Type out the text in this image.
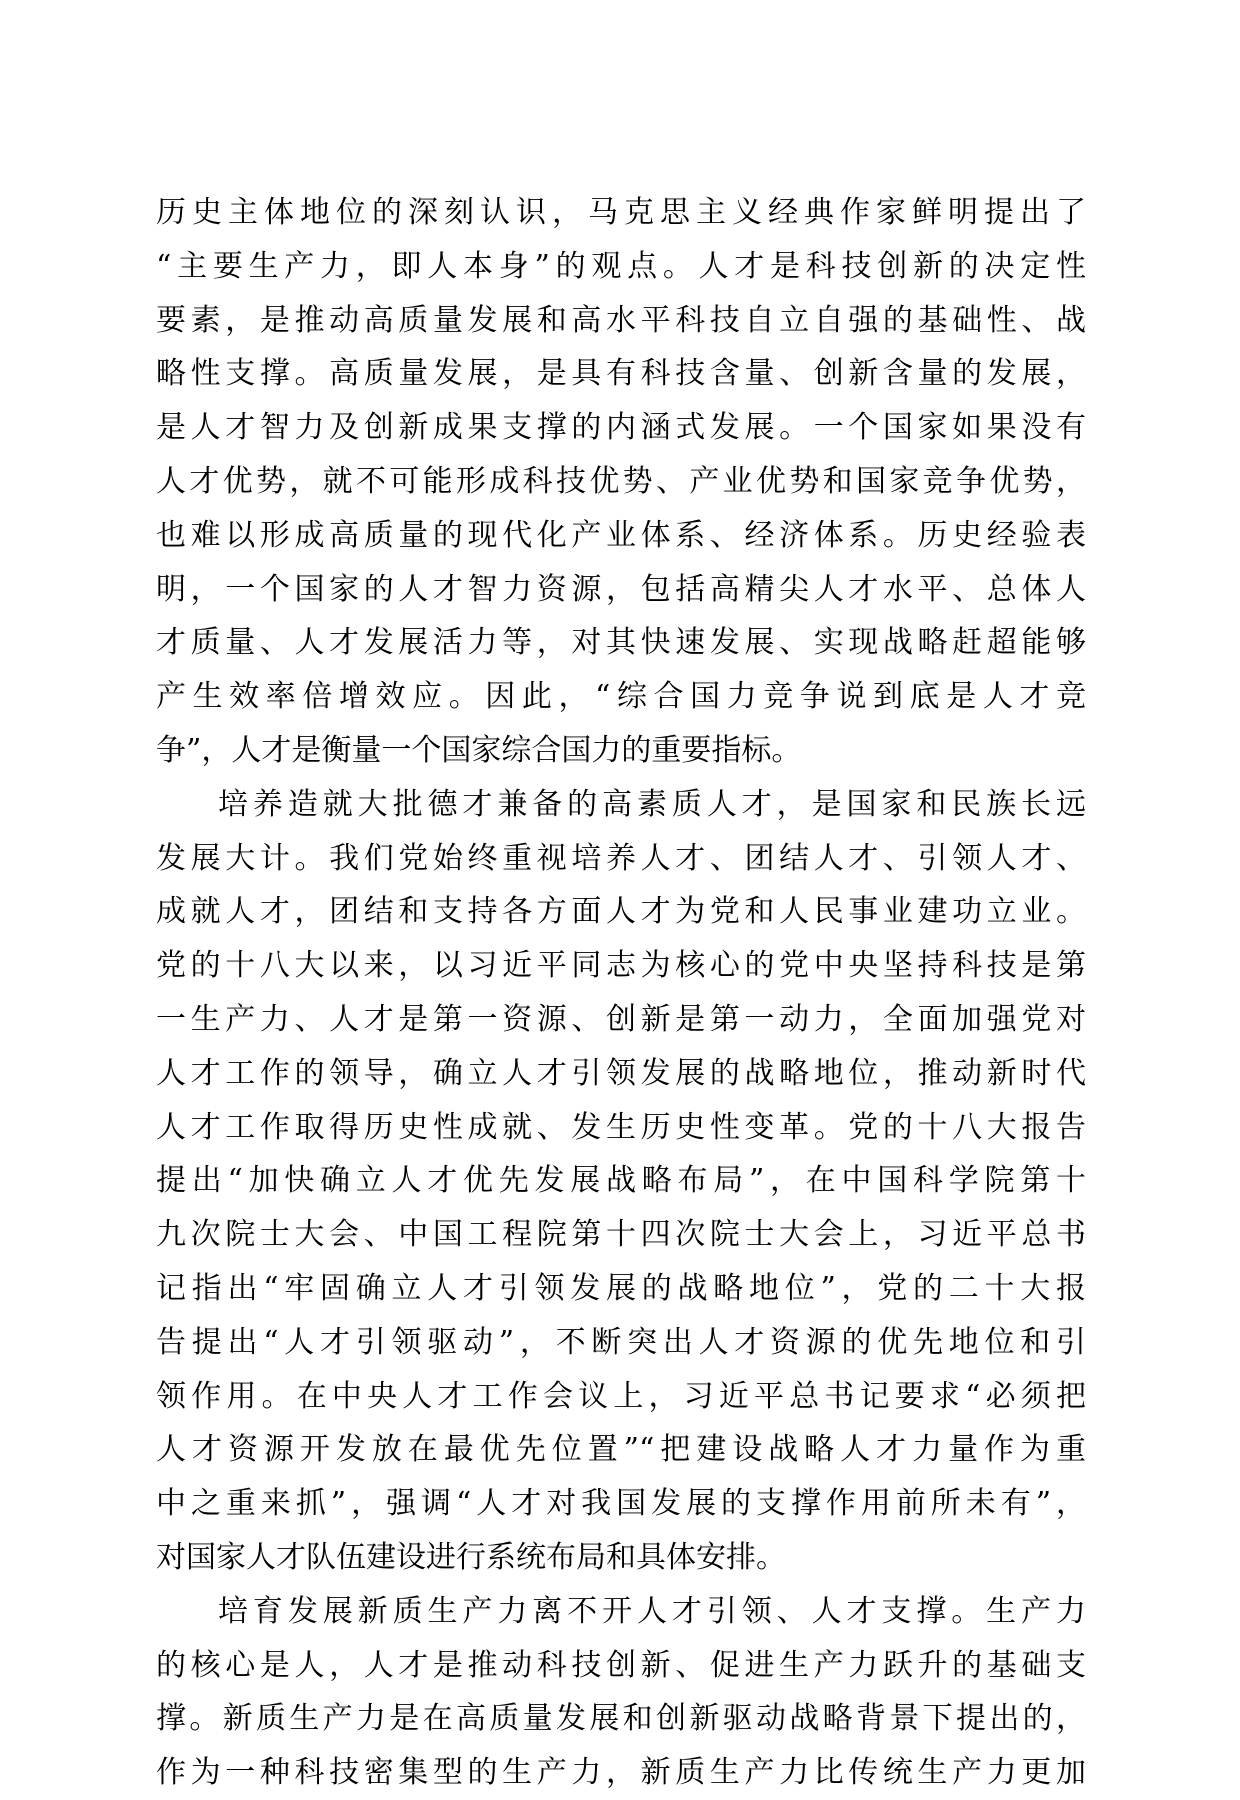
历史主体地位的深刻认识，马克思主义经典作家鲜明提出了
“主要生产力，即人本身”的观点。人才是科技创新的决定性
要素，是推动高质量发展和高水平科技自立自强的基础性、战
略性支撑。高质量发展，是具有科技含量、创新含量的发展，
是人才智力及创新成果支撑的内涵式发展。一个国家如果没有
人才优势，就不可能形成科技优势、产业优势和国家竞争优势，
也难以形成高质量的现代化产业体系、经济体系。历史经验表
明，一个国家的人才智力资源，包括高精尖人才水平、总体人
才质量、人才发展活力等，对其快速发展、实现战略赶超能够
产生效率倍增效应。因此，“综合国力竞争说到底是人才竞
争”，人才是衡量一个国家综合国力的重要指标。
培养造就大批德才兼备的高素质人才，是国家和民族长远
发展大计。我们党始终重视培养人才、团结人才、引领人才、
成就人才，团结和支持各方面人才为党和人民事业建功立业。
党的十八大以来，以习近平同志为核心的党中央坚持科技是第
一生产力、人才是第一资源、创新是第一动力，全面加强党对
人才工作的领导，确立人才引领发展的战略地位，推动新时代
人才工作取得历史性成就、发生历史性变革。党的十八大报告
提出“加快确立人才优先发展战略布局”，在中国科学院第十
九次院士大会、中国工程院第十四次院士大会上，习近平总书
记指出“牢固确立人才引领发展的战略地位”，党的二十大报
告提出“人才引领驱动”，不断突出人才资源的优先地位和引
领作用。在中央人才工作会议上，习近平总书记要求“必须把
人才资源开发放在最优先位置”“把建设战略人才力量作为重
中之重来抓”，强调“人才对我国发展的支撑作用前所未有”，
对国家人才队伍建设进行系统布局和具体安排。
培育发展新质生产力离不开人才引领、人才支撑。生产力
的核心是人，人才是推动科技创新、促进生产力跃升的基础支
撑。新质生产力是在高质量发展和创新驱动战略背景下提出的，
作为一种科技密集型的生产力，新质生产力比传统生产力更加
